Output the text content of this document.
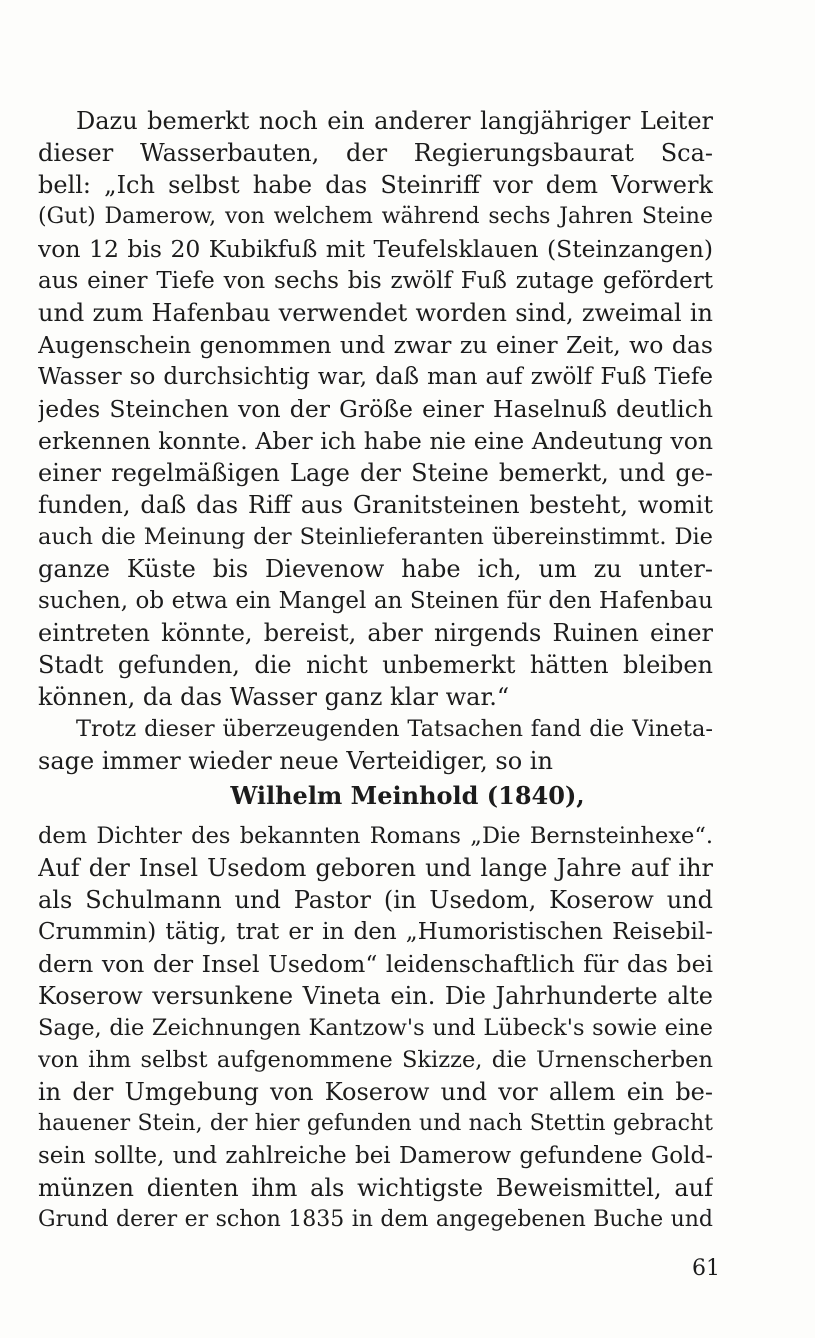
Dazu bemerkt noch ein anderer langjähriger Leiter
dieser Wasserbauten, der Regierungsbaurat Sca-
bell: „Ich selbst habe das Steinriff vor dem Vorwerk
(Gut) Damerow, von welchem während sechs Jahren Steine
von 12 bis 20 Kubikfuß mit Teufelsklauen (Steinzangen)
aus einer Tiefe von sechs bis zwölf Fuß zutage gefördert
und zum Hafenbau verwendet worden sind, zweimal in
Augenschein genommen und zwar zu einer Zeit, wo das
Wasser so durchsichtig war, daß man auf zwölf Fuß Tiefe
jedes Steinchen von der Größe einer Haselnuß deutlich
erkennen konnte. Aber ich habe nie eine Andeutung von
einer regelmäßigen Lage der Steine bemerkt, und ge-
funden, daß das Riff aus Granitsteinen besteht, womit
auch die Meinung der Steinlieferanten übereinstimmt. Die
ganze Küste bis Dievenow habe ich, um zu unter-
suchen, ob etwa ein Mangel an Steinen für den Hafenbau
eintreten könnte, bereist, aber nirgends Ruinen einer
Stadt gefunden, die nicht unbemerkt hätten bleiben
können, da das Wasser ganz klar war.“
Trotz dieser überzeugenden Tatsachen fand die Vineta-
sage immer wieder neue Verteidiger, so in
Wilhelm Meinhold (1840),
dem Dichter des bekannten Romans „Die Bernsteinhexe“.
Auf der Insel Usedom geboren und lange Jahre auf ihr
als Schulmann und Pastor (in Usedom, Koserow und
Crummin) tätig, trat er in den „Humoristischen Reisebil-
dern von der Insel Usedom“ leidenschaftlich für das bei
Koserow versunkene Vineta ein. Die Jahrhunderte alte
Sage, die Zeichnungen Kantzow's und Lübeck's sowie eine
von ihm selbst aufgenommene Skizze, die Urnenscherben
in der Umgebung von Koserow und vor allem ein be-
hauener Stein, der hier gefunden und nach Stettin gebracht
sein sollte, und zahlreiche bei Damerow gefundene Gold-
münzen dienten ihm als wichtigste Beweismittel, auf
Grund derer er schon 1835 in dem angegebenen Buche und
61
